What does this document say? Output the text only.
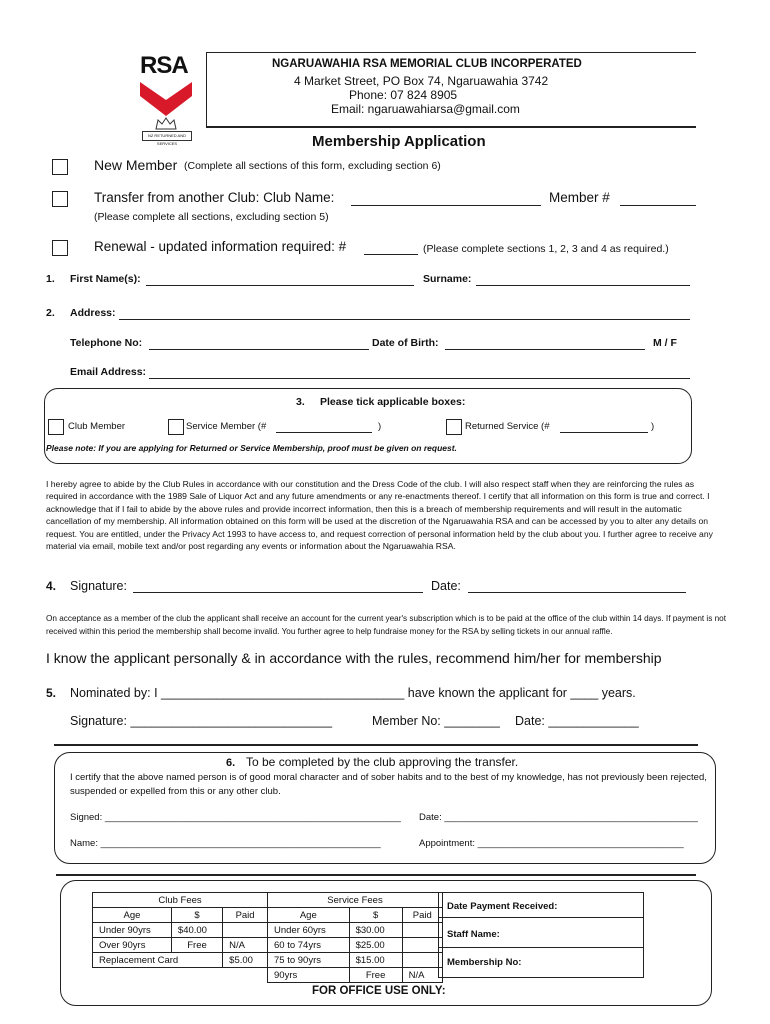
RSA
NZ RETURNED AND SERVICES
NGARUAWAHIA RSA MEMORIAL CLUB INCORPERATED
4 Market Street, PO Box 74, Ngaruawahia 3742
Phone: 07 824 8905
Email: ngaruawahiarsa@gmail.com
Membership Application
New Member (Complete all sections of this form, excluding section 6)
Transfer from another Club: Club Name:	Member #
(Please complete all sections, excluding section 5)
Renewal - updated information required: #	(Please complete sections 1, 2, 3 and 4 as required.)
1. First Name(s):	Surname:
2. Address:
Telephone No:	Date of Birth:	M / F
Email Address:
3. Please tick applicable boxes:
Club Member	Service Member (#	)	Returned Service (#	)
Please note: If you are applying for Returned or Service Membership, proof must be given on request.
I hereby agree to abide by the Club Rules in accordance with our constitution and the Dress Code of the club. I will also respect staff when they are reinforcing the rules as required in accordance with the 1989 Sale of Liquor Act and any future amendments or any re-enactments thereof. I certify that all information on this form is true and correct. I acknowledge that if I fail to abide by the above rules and provide incorrect information, then this is a breach of membership requirements and will result in the automatic cancellation of my membership. All information obtained on this form will be used at the discretion of the Ngaruawahia RSA and can be accessed by you to alter any details on request. You are entitled, under the Privacy Act 1993 to have access to, and request correction of personal information held by the club about you. I further agree to receive any material via email, mobile text and/or post regarding any events or information about the Ngaruawahia RSA.
4. Signature:	Date:
On acceptance as a member of the club the applicant shall receive an account for the current year's subscription which is to be paid at the office of the club within 14 days. If payment is not received within this period the membership shall become invalid. You further agree to help fundraise money for the RSA by selling tickets in our annual raffle.
I know the applicant personally & in accordance with the rules, recommend him/her for membership
5. Nominated by: I ___________________________________ have known the applicant for ____ years.
Signature: _____________________________	Member No: ________ Date: _____________
6. To be completed by the club approving the transfer.
I certify that the above named person is of good moral character and of sober habits and to the best of my knowledge, has not previously been rejected, suspended or expelled from this or any other club.
Signed: ________________________________________________________ Date: ________________________________________________
Name: _____________________________________________________	Appointment: _______________________________________
Club Fees			Service Fees		
Age	$	Paid	Age	$	Paid
Under 90yrs	$40.00		Under 60yrs	$30.00	
Over 90yrs	Free	N/A	60 to 74yrs	$25.00	
Replacement Card		$5.00	75 to 90yrs	$15.00	
			90yrs	Free	N/A
Date Payment Received:
Staff Name:
Membership No:
FOR OFFICE USE ONLY:
